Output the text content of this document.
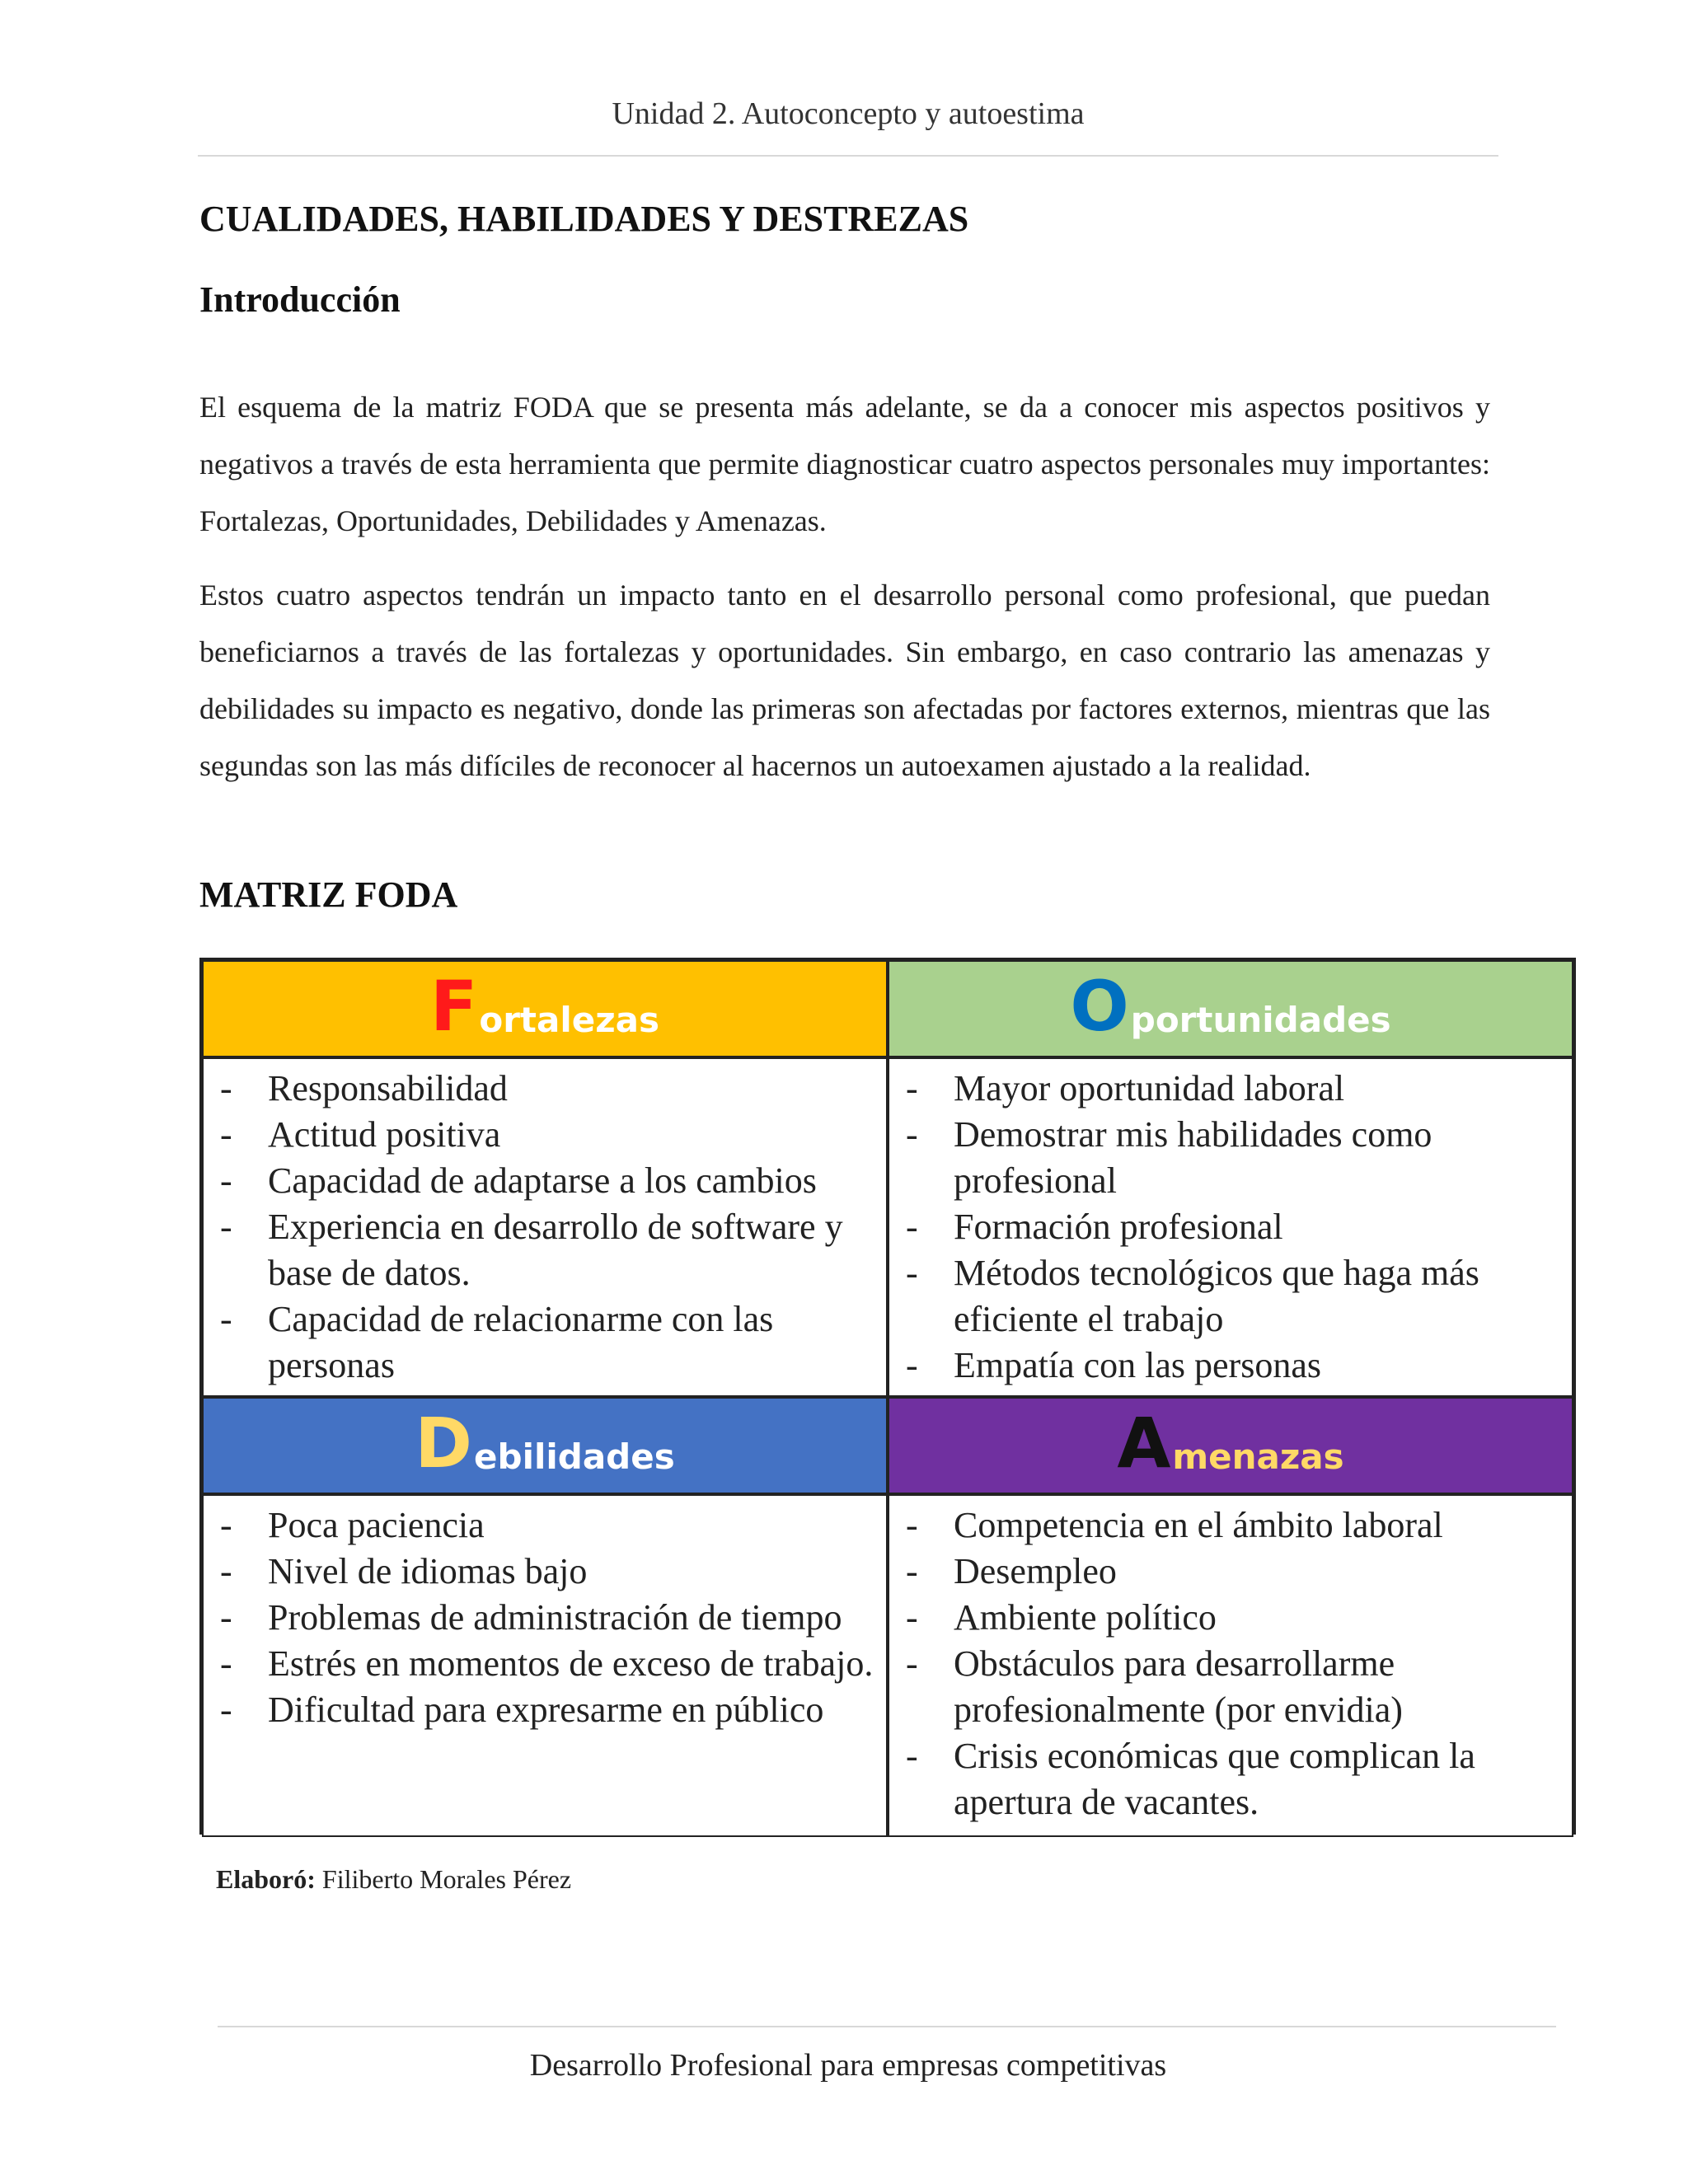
Unidad 2. Autoconcepto y autoestima
CUALIDADES, HABILIDADES Y DESTREZAS
Introducción

El esquema de la matriz FODA que se presenta más adelante, se da a conocer mis aspectos positivos y negativos a través de esta herramienta que permite diagnosticar cuatro aspectos personales muy importantes: Fortalezas, Oportunidades, Debilidades y Amenazas.

Estos cuatro aspectos tendrán un impacto tanto en el desarrollo personal como profesional, que puedan beneficiarnos a través de las fortalezas y oportunidades. Sin embargo, en caso contrario las amenazas y debilidades su impacto es negativo, donde las primeras son afectadas por factores externos, mientras que las segundas son las más difíciles de reconocer al hacernos un autoexamen ajustado a la realidad.

MATRIZ FODA
F ortalezas	O portunidades
- Responsabilidad
- Actitud positiva
- Capacidad de adaptarse a los cambios
- Experiencia en desarrollo de software y base de datos.
- Capacidad de relacionarme con las personas
- Mayor oportunidad laboral
- Demostrar mis habilidades como profesional
- Formación profesional
- Métodos tecnológicos que haga más eficiente el trabajo
- Empatía con las personas
D ebilidades	A menazas
- Poca paciencia
- Nivel de idiomas bajo
- Problemas de administración de tiempo
- Estrés en momentos de exceso de trabajo.
- Dificultad para expresarme en público
- Competencia en el ámbito laboral
- Desempleo
- Ambiente político
- Obstáculos para desarrollarme profesionalmente (por envidia)
- Crisis económicas que complican la apertura de vacantes.
Elaboró: Filiberto Morales Pérez
Desarrollo Profesional para empresas competitivas
